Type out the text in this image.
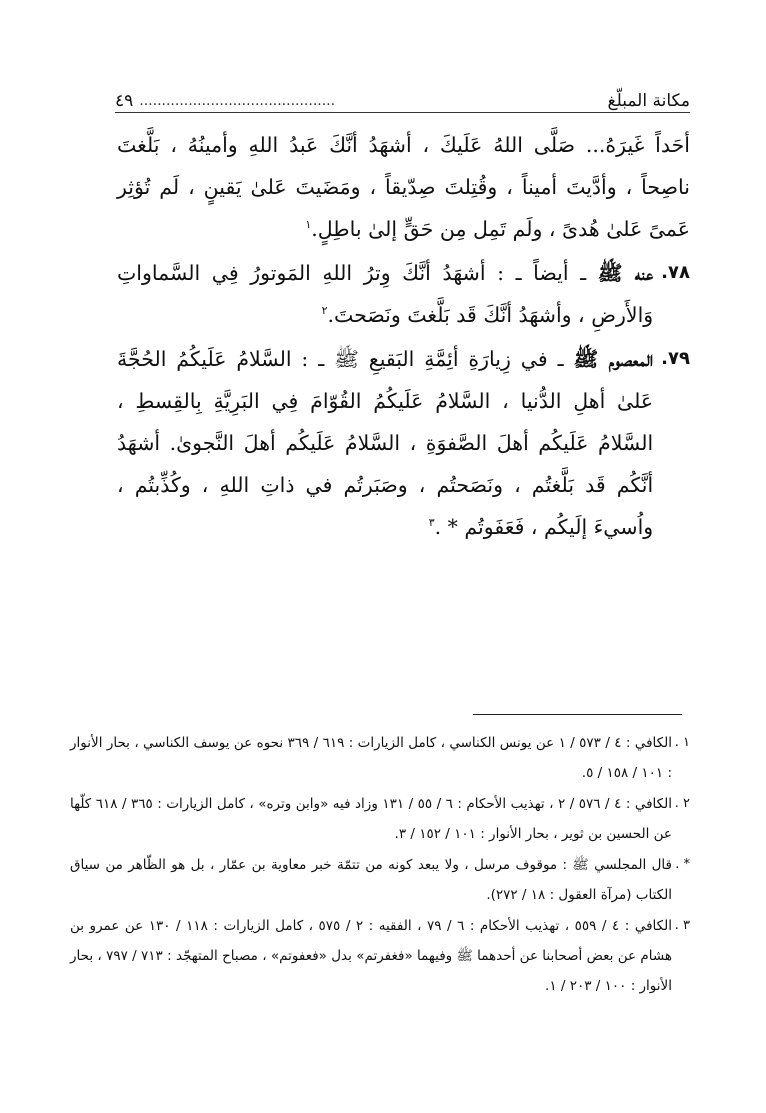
مكانة المبلّغ
............................................
٤٩

أحَداً غَيرَهُ... صَلَّى اللهُ عَلَيكَ ، أشهَدُ أنَّكَ عَبدُ اللهِ وأمينُهُ ، بَلَّغتَ ناصِحاً ، وأدَّيتَ أميناً ، وقُتِلتَ صِدّيقاً ، ومَضَيتَ عَلىٰ يَقينٍ ، لَم تُؤثِر عَمىً عَلىٰ هُدىً ، ولَم تَمِل مِن حَقٍّ إلىٰ باطِلٍ.$^١$

٧٨.

عنه ﷺ ـ أيضاً ـ : أشهَدُ أنَّكَ وِترُ اللهِ المَوتورُ فِي السَّماواتِ وَالأَرضِ ، وأشهَدُ أنَّكَ قَد بَلَّغتَ ونَصَحتَ.$^٢$

٧٩.

المعصوم ﷺ ـ في زِيارَةِ أئِمَّةِ البَقيعِ ﷺ ـ : السَّلامُ عَلَيكُمُ الحُجَّةَ عَلىٰ أهلِ الدُّنيا ، السَّلامُ عَلَيكُمُ القُوّامَ فِي البَرِيَّةِ بِالقِسطِ ، السَّلامُ عَلَيكُم أهلَ الصَّفوَةِ ، السَّلامُ عَلَيكُم أهلَ النَّجوىٰ. أشهَدُ أنَّكُم قَد بَلَّغتُم ، ونَصَحتُم ، وصَبَرتُم في ذاتِ اللهِ ، وكُذِّبتُم ، واُسيءَ إلَيكُم ، فَعَفَوتُم * .$^٣$

١ .

الكافي : ٤ / ٥٧٣ / ١ عن يونس الكناسي ، كامل الزيارات : ٦١٩ / ٣٦٩ نحوه عن يوسف الكناسي ، بحار الأنوار : ١٠١ / ١٥٨ / ٥.

٢ .

الكافي : ٤ / ٥٧٦ / ٢ ، تهذيب الأحكام : ٦ / ٥٥ / ١٣١ وزاد فيه «وابن وتره» ، كامل الزيارات : ٣٦٥ / ٦١٨ كلّها عن الحسين بن ثوير ، بحار الأنوار : ١٠١ / ١٥٢ / ٣.

* .

قال المجلسي ﷺ : موقوف مرسل ، ولا يبعد كونه من تتمّة خبر معاوية بن عمّار ، بل هو الظّاهر من سياق الكتاب (مرآة العقول : ١٨ / ٢٧٢).

٣ .

الكافي : ٤ / ٥٥٩ ، تهذيب الأحكام : ٦ / ٧٩ ، الفقيه : ٢ / ٥٧٥ ، كامل الزيارات : ١١٨ / ١٣٠ عن عمرو بن هشام عن بعض أصحابنا عن أحدهما ﷺ وفيهما «فغفرتم» بدل «فعفوتم» ، مصباح المتهجّد : ٧١٣ / ٧٩٧ ، بحار الأنوار : ١٠٠ / ٢٠٣ / ١.
